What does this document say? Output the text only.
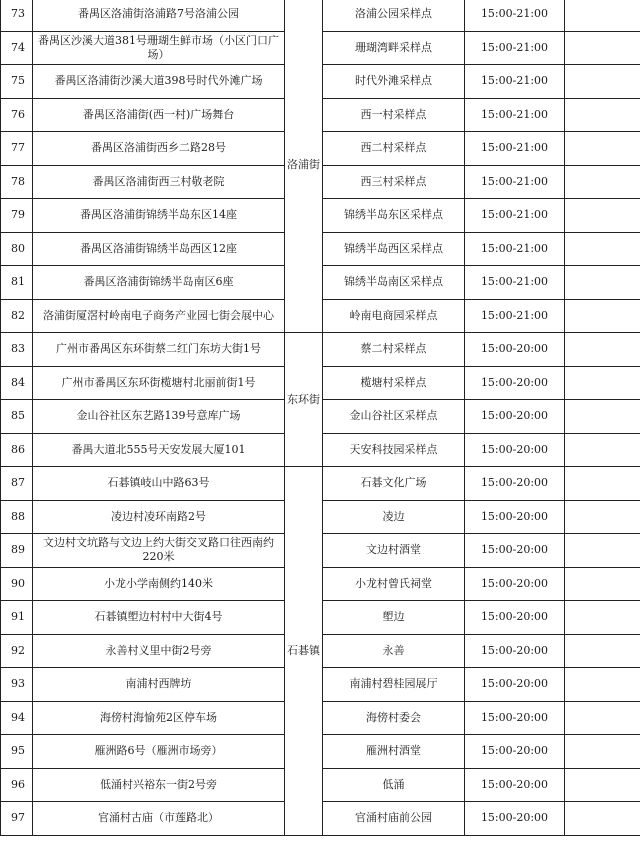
73	番禺区洛浦街洛浦路7号洛浦公园	洛浦街	洛浦公园采样点	15:00-21:00	
74	番禺区沙溪大道381号珊瑚生鲜市场（小区门口广场）		珊瑚湾畔采样点	15:00-21:00	
75	番禺区洛浦街沙溪大道398号时代外滩广场		时代外滩采样点	15:00-21:00	
76	番禺区洛浦街(西一村)广场舞台		西一村采样点	15:00-21:00	
77	番禺区洛浦街西乡二路28号		西二村采样点	15:00-21:00	
78	番禺区洛浦街西三村敬老院		西三村采样点	15:00-21:00	
79	番禺区洛浦街锦绣半岛东区14座		锦绣半岛东区采样点	15:00-21:00	
80	番禺区洛浦街锦绣半岛西区12座		锦绣半岛西区采样点	15:00-21:00	
81	番禺区洛浦街锦绣半岛南区6座		锦绣半岛南区采样点	15:00-21:00	
82	洛浦街厦滘村岭南电子商务产业园七街会展中心		岭南电商园采样点	15:00-21:00	
83	广州市番禺区东环街蔡二红门东坊大街1号	东环街	蔡二村采样点	15:00-20:00	
84	广州市番禺区东环街榄塘村北丽前街1号		榄塘村采样点	15:00-20:00	
85	金山谷社区东艺路139号意库广场		金山谷社区采样点	15:00-20:00	
86	番禺大道北555号天安发展大厦101		天安科技园采样点	15:00-20:00	
87	石碁镇岐山中路63号	石碁镇	石碁文化广场	15:00-20:00	
88	凌边村凌环南路2号		凌边	15:00-20:00	
89	文边村文坑路与文边上约大街交叉路口往西南约220米		文边村酒堂	15:00-20:00	
90	小龙小学南侧约140米		小龙村曾氏祠堂	15:00-20:00	
91	石碁镇塱边村村中大街4号		塱边	15:00-20:00	
92	永善村义里中街2号旁		永善	15:00-20:00	
93	南浦村西牌坊		南浦村碧桂园展厅	15:00-20:00	
94	海傍村海愉苑2区停车场		海傍村委会	15:00-20:00	
95	雁洲路6号（雁洲市场旁）		雁洲村酒堂	15:00-20:00	
96	低涌村兴裕东一街2号旁		低涌	15:00-20:00	
97	官涌村古庙（市莲路北）		官涌村庙前公园	15:00-20:00	
